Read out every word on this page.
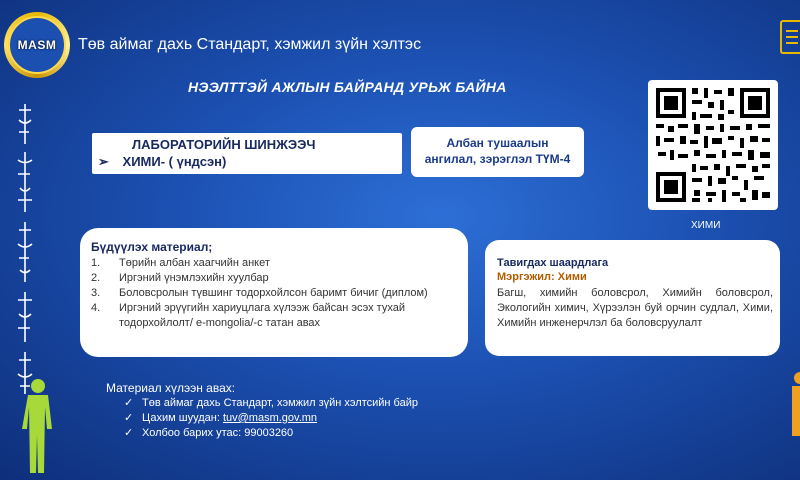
MASM Төв аймаг дахь Стандарт, хэмжил зүйн хэлтэс
НЭЭЛТТЭЙ АЖЛЫН БАЙРАНД УРЬЖ БАЙНА
ХИМИ
ЛАБОРАТОРИЙН ШИНЖЭЭЧ
➢ ХИМИ- ( үндсэн)
Албан тушаалын
ангилал, зэрэглэл ТҮМ-4
Бүдүүлэх материал;
1.	Төрийн албан хаагчийн анкет
2.	Иргэний үнэмлэхийн хуулбар
3.	Боловсролын түвшинг тодорхойлсон баримт бичиг (диплом)
4.	Иргэний эрүүгийн хариуцлага хүлээж байсан эсэх тухай тодорхойлолт/ e-mongolia/-с татан авах
Тавигдах шаардлага
Мэргэжил: Хими
Багш, химийн боловсрол, Химийн боловсрол, Экологийн химич, Хүрээлэн буй орчин судлал, Хими, Химийн инженерчлэл ба боловсруулалт
Материал хүлээн авах:
✓ Төв аймаг дахь Стандарт, хэмжил зүйн хэлтсийн байр
✓ Цахим шуудан: tuv@masm.gov.mn
✓ Холбоо барих утас: 99003260
